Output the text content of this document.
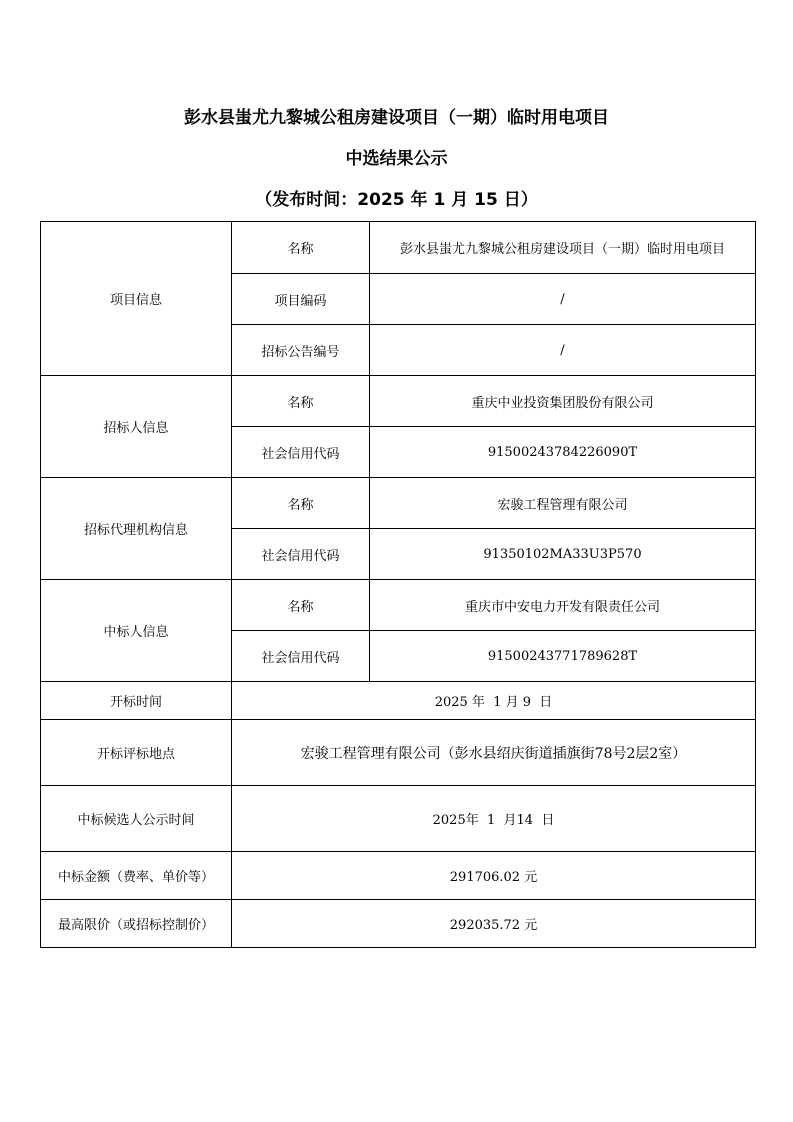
彭水县蚩尤九黎城公租房建设项目（一期）临时用电项目
中选结果公示
（发布时间：2025 年 1 月 15 日）
项目信息	名称	彭水县蚩尤九黎城公租房建设项目（一期）临时用电项目
	项目编码	/
	招标公告编号	/
招标人信息	名称	重庆中业投资集团股份有限公司
	社会信用代码	91500243784226090T
招标代理机构信息	名称	宏骏工程管理有限公司
	社会信用代码	91350102MA33U3P570
中标人信息	名称	重庆市中安电力开发有限责任公司
	社会信用代码	91500243771789628T
开标时间	2025 年  1 月 9  日	
开标评标地点	宏骏工程管理有限公司（彭水县绍庆街道插旗街78号2层2室）	
中标候选人公示时间	2025年  1  月14  日	
中标金额（费率、单价等）	291706.02 元	
最高限价（或招标控制价）	292035.72 元	
